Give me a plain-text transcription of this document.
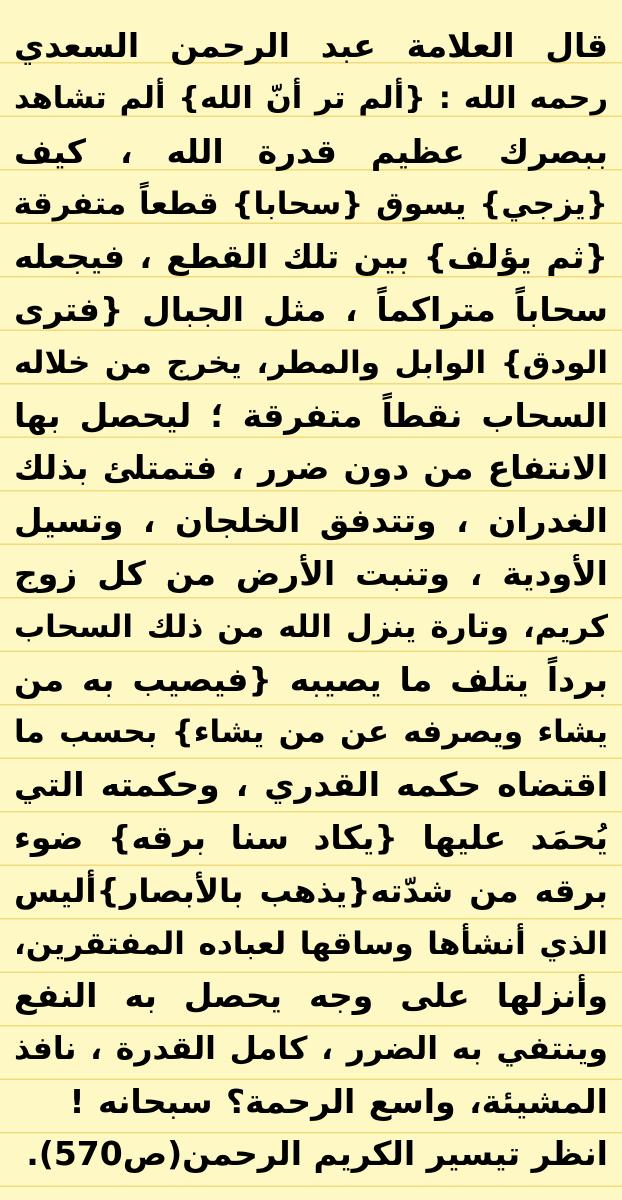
قال العلامة عبد الرحمن السعدي
رحمه الله : {ألم تر أنّ الله} ألم تشاهد
ببصرك عظيم قدرة الله ، كيف
{يزجي} يسوق {سحابا} قطعاً متفرقة
{ثم يؤلف} بين تلك القطع ، فيجعله
سحاباً متراكماً ، مثل الجبال {فترى
الودق} الوابل والمطر، يخرج من خلاله
السحاب نقطاً متفرقة ؛ ليحصل بها
الانتفاع من دون ضرر ، فتمتلئ بذلك
الغدران ، وتتدفق الخلجان ، وتسيل
الأودية ، وتنبت الأرض من كل زوج
كريم، وتارة ينزل الله من ذلك السحاب
برداً يتلف ما يصيبه {فيصيب به من
يشاء ويصرفه عن من يشاء} بحسب ما
اقتضاه حكمه القدري ، وحكمته التي
يُحمَد عليها {يكاد سنا برقه} ضوء
برقه من شدّته{يذهب بالأبصار}أليس
الذي أنشأها وساقها لعباده المفتقرين،
وأنزلها على وجه يحصل به النفع
وينتفي به الضرر ، كامل القدرة ، نافذ
المشيئة، واسع الرحمة؟ سبحانه !
انظر تيسير الكريم الرحمن(ص570).
